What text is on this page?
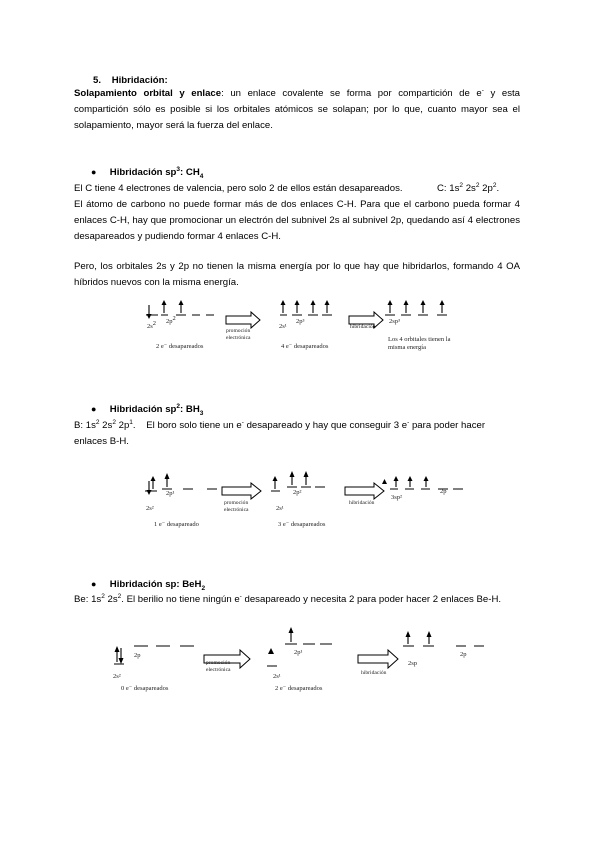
5. Hibridación:
Solapamiento orbital y enlace: un enlace covalente se forma por compartición de e- y esta compartición sólo es posible si los orbitales atómicos se solapan; por lo que, cuanto mayor sea el solapamiento, mayor será la fuerza del enlace.
● Hibridación $sp^3$: $CH_4$
El C tiene 4 electrones de valencia, pero solo 2 de ellos están desapareados.	C: $1s^2$ $2s^2$ $2p^2$.
El átomo de carbono no puede formar más de dos enlaces C-H. Para que el carbono pueda formar 4 enlaces C-H, hay que promocionar un electrón del subnivel 2s al subnivel 2p, quedando así 4 electrones desapareados y pudiendo formar 4 enlaces C-H.
Pero, los orbitales 2s y 2p no tienen la misma energía por lo que hay que hibridarlos, formando 4 OA híbridos nuevos con la misma energía.
$2s^2$ $2p^2$
2 e⁻ desapareados
promoción electrónica
2s¹
2p³
4 e⁻ desapareados
hibridación
2sp³
Los 4 orbitales tienen la misma energía
● Hibridación $sp^2$: $BH_3$
B: $1s^2$ $2s^2$ $2p^1$. El boro solo tiene un e- desapareado y hay que conseguir 3 e- para poder hacer enlaces B-H.
2p¹
2s²
1 e⁻ desapareado
promoción electrónica
2p²
2s¹
3 e⁻ desapareados
hibridación
3sp²
2p
● Hibridación sp: BeH$_2$
Be: $1s^2$ $2s^2$. El berilio no tiene ningún e- desapareado y necesita 2 para poder hacer 2 enlaces Be-H.
2p
2s²
0 e⁻ desapareados
promoción electrónica
2p¹
2s¹
2 e⁻ desapareados
hibridación
2sp
2p
